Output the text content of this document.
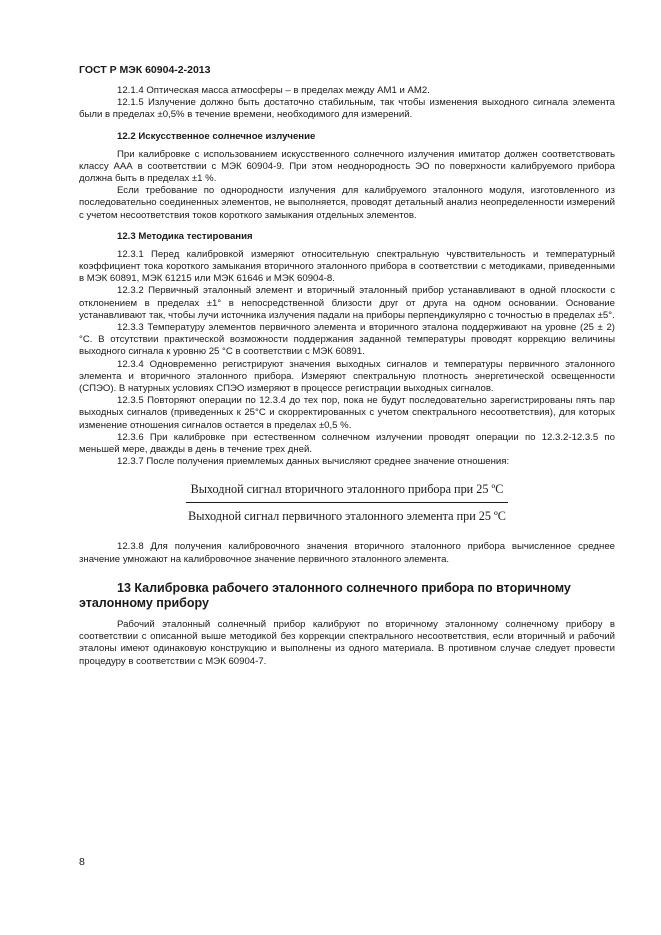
ГОСТ Р МЭК 60904-2-2013

12.1.4 Оптическая масса атмосферы – в пределах между АМ1 и АМ2.

12.1.5 Излучение должно быть достаточно стабильным, так чтобы изменения выходного сигнала элемента были в пределах ±0,5% в течение времени, необходимого для измерений.

12.2 Искусственное солнечное излучение

При калибровке с использованием искусственного солнечного излучения имитатор должен соответствовать классу ААА в соответствии с МЭК 60904-9. При этом неоднородность ЭО по поверхности калибруемого прибора должна быть в пределах ±1 %.

Если требование по однородности излучения для калибруемого эталонного модуля, изготовленного из последовательно соединенных элементов, не выполняется, проводят детальный анализ неопределенности измерений с учетом несоответствия токов короткого замыкания отдельных элементов.

12.3 Методика тестирования

12.3.1 Перед калибровкой измеряют относительную спектральную чувствительность и температурный коэффициент тока короткого замыкания вторичного эталонного прибора в соответствии с методиками, приведенными в МЭК 60891, МЭК 61215 или МЭК 61646 и МЭК 60904-8.

12.3.2 Первичный эталонный элемент и вторичный эталонный прибор устанавливают в одной плоскости с отклонением в пределах ±1° в непосредственной близости друг от друга на одном основании. Основание устанавливают так, чтобы лучи источника излучения падали на приборы перпендикулярно с точностью в пределах ±5°.

12.3.3 Температуру элементов первичного элемента и вторичного эталона поддерживают на уровне (25 ± 2)°С. В отсутствии практической возможности поддержания заданной температуры проводят коррекцию величины выходного сигнала к уровню 25 °С в соответствии с МЭК 60891.

12.3.4 Одновременно регистрируют значения выходных сигналов и температуры первичного эталонного элемента и вторичного эталонного прибора. Измеряют спектральную плотность энергетической освещенности (СПЭО). В натурных условиях СПЭО измеряют в процессе регистрации выходных сигналов.

12.3.5 Повторяют операции по 12.3.4 до тех пор, пока не будут последовательно зарегистрированы пять пар выходных сигналов (приведенных к 25°С и скорректированных с учетом спектрального несоответствия), для которых изменение отношения сигналов остается в пределах ±0,5 %.

12.3.6 При калибровке при естественном солнечном излучении проводят операции по 12.3.2-12.3.5 по меньшей мере, дважды в день в течение трех дней.

12.3.7 После получения приемлемых данных вычисляют среднее значение отношения:

$\frac{\text{Выходной сигнал вторичного эталонного прибора при 25 ºС}}{\text{Выходной сигнал первичного эталонного элемента при 25 ºС}}$

12.3.8 Для получения калибровочного значения вторичного эталонного прибора вычисленное среднее значение умножают на калибровочное значение первичного эталонного элемента.

13 Калибровка рабочего эталонного солнечного прибора по вторичному эталонному прибору

Рабочий эталонный солнечный прибор калибруют по вторичному эталонному солнечному прибору в соответствии с описанной выше методикой без коррекции спектрального несоответствия, если вторичный и рабочий эталоны имеют одинаковую конструкцию и выполнены из одного материала. В противном случае следует провести процедуру в соответствии с МЭК 60904-7.

8
